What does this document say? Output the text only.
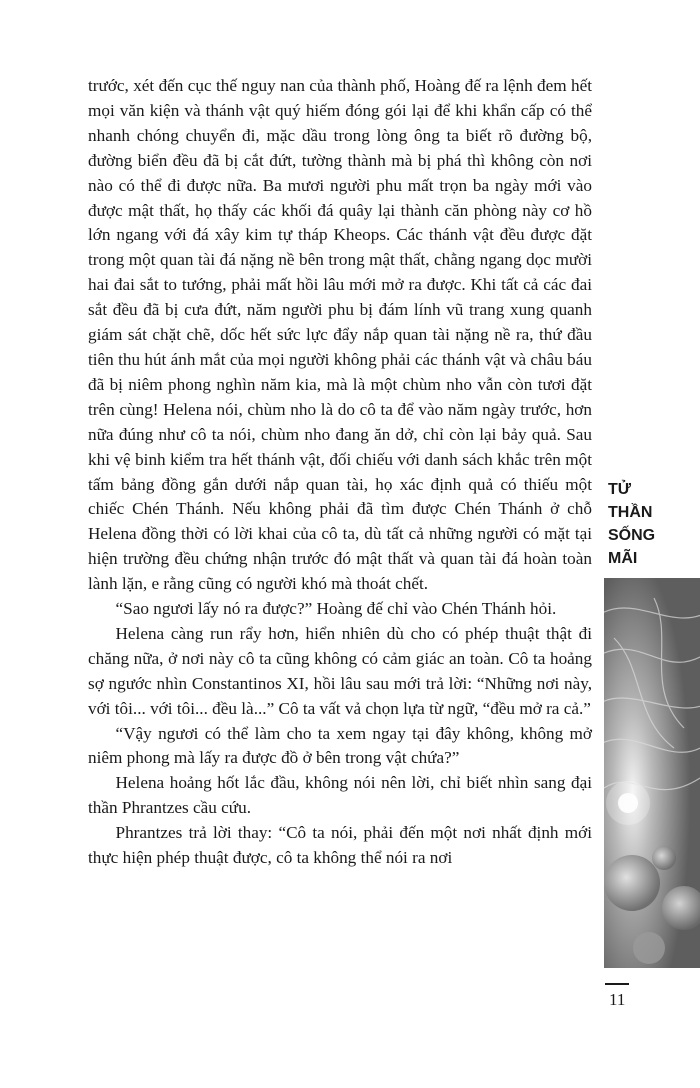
trước, xét đến cục thế nguy nan của thành phố, Hoàng đế ra lệnh đem hết mọi văn kiện và thánh vật quý hiếm đóng gói lại để khi khẩn cấp có thể nhanh chóng chuyển đi, mặc dầu trong lòng ông ta biết rõ đường bộ, đường biển đều đã bị cắt đứt, tường thành mà bị phá thì không còn nơi nào có thể đi được nữa. Ba mươi người phu mất trọn ba ngày mới vào được mật thất, họ thấy các khối đá quây lại thành căn phòng này cơ hồ lớn ngang với đá xây kim tự tháp Kheops. Các thánh vật đều được đặt trong một quan tài đá nặng nề bên trong mật thất, chằng ngang dọc mười hai đai sắt to tướng, phải mất hồi lâu mới mở ra được. Khi tất cả các đai sắt đều đã bị cưa đứt, năm người phu bị đám lính vũ trang xung quanh giám sát chặt chẽ, dốc hết sức lực đẩy nắp quan tài nặng nề ra, thứ đầu tiên thu hút ánh mắt của mọi người không phải các thánh vật và châu báu đã bị niêm phong nghìn năm kia, mà là một chùm nho vẫn còn tươi đặt trên cùng! Helena nói, chùm nho là do cô ta để vào năm ngày trước, hơn nữa đúng như cô ta nói, chùm nho đang ăn dở, chỉ còn lại bảy quả. Sau khi vệ binh kiểm tra hết thánh vật, đối chiếu với danh sách khắc trên một tấm bảng đồng gắn dưới nắp quan tài, họ xác định quả có thiếu một chiếc Chén Thánh. Nếu không phải đã tìm được Chén Thánh ở chỗ Helena đồng thời có lời khai của cô ta, dù tất cả những người có mặt tại hiện trường đều chứng nhận trước đó mật thất và quan tài đá hoàn toàn lành lặn, e rằng cũng có người khó mà thoát chết.

“Sao ngươi lấy nó ra được?” Hoàng đế chỉ vào Chén Thánh hỏi.

Helena càng run rẩy hơn, hiển nhiên dù cho có phép thuật thật đi chăng nữa, ở nơi này cô ta cũng không có cảm giác an toàn. Cô ta hoảng sợ ngước nhìn Constantinos XI, hồi lâu sau mới trả lời: “Những nơi này, với tôi... với tôi... đều là...” Cô ta vất vả chọn lựa từ ngữ, “đều mở ra cả.”

“Vậy ngươi có thể làm cho ta xem ngay tại đây không, không mở niêm phong mà lấy ra được đồ ở bên trong vật chứa?”

Helena hoảng hốt lắc đầu, không nói nên lời, chỉ biết nhìn sang đại thần Phrantzes cầu cứu.

Phrantzes trả lời thay: “Cô ta nói, phải đến một nơi nhất định mới thực hiện phép thuật được, cô ta không thể nói ra nơi

TỬ
THẦN
SỐNG
MÃI
11
